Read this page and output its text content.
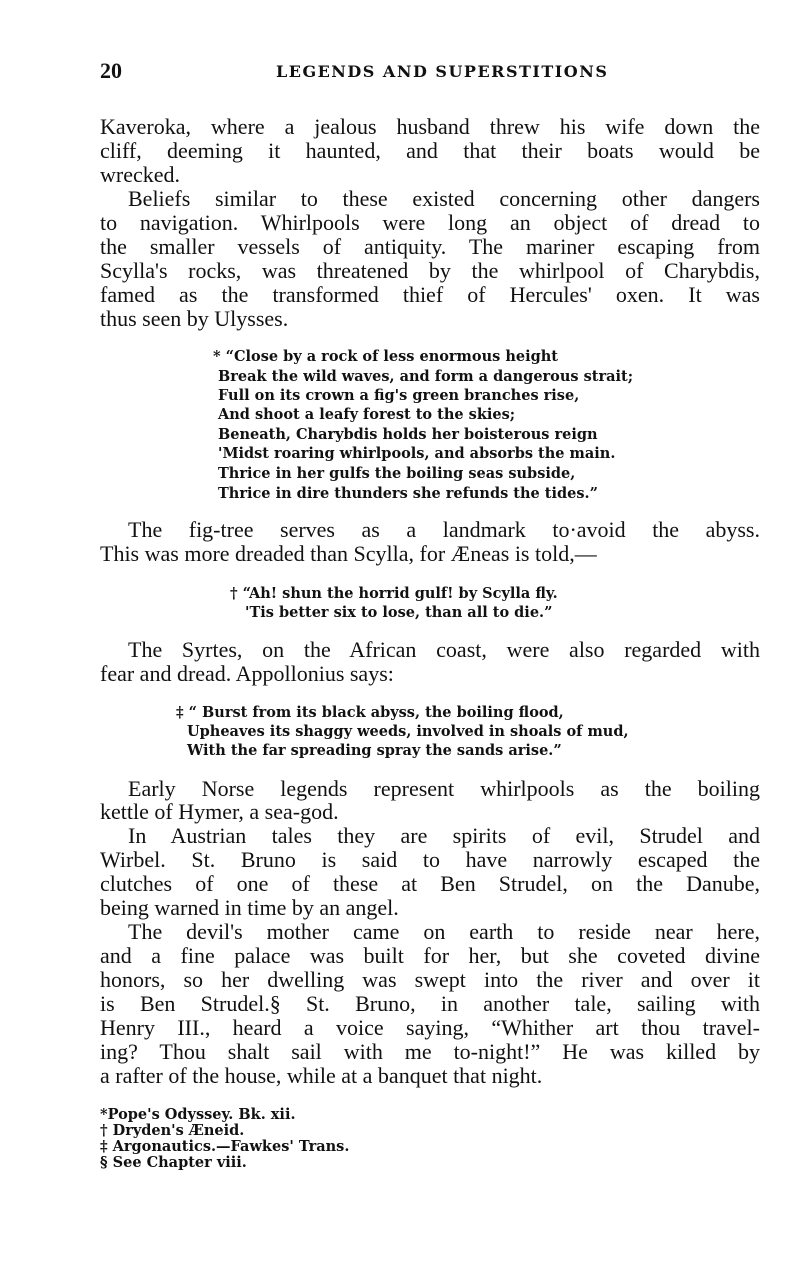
20	LEGENDS AND SUPERSTITIONS
Kaveroka, where a jealous husband threw his wife down the
cliff, deeming it haunted, and that their boats would be
wrecked.
Beliefs similar to these existed concerning other dangers
to navigation. Whirlpools were long an object of dread to
the smaller vessels of antiquity. The mariner escaping from
Scylla's rocks, was threatened by the whirlpool of Charybdis,
famed as the transformed thief of Hercules' oxen. It was
thus seen by Ulysses.
The fig-tree serves as a landmark to·avoid the abyss.
This was more dreaded than Scylla, for Æneas is told,—
The Syrtes, on the African coast, were also regarded with
fear and dread. Appollonius says:
Early Norse legends represent whirlpools as the boiling
kettle of Hymer, a sea-god.
In Austrian tales they are spirits of evil, Strudel and
Wirbel. St. Bruno is said to have narrowly escaped the
clutches of one of these at Ben Strudel, on the Danube,
being warned in time by an angel.
The devil's mother came on earth to reside near here,
and a fine palace was built for her, but she coveted divine
honors, so her dwelling was swept into the river and over it
is Ben Strudel.§ St. Bruno, in another tale, sailing with
Henry III., heard a voice saying, “Whither art thou travel-
ing? Thou shalt sail with me to-night!” He was killed by
a rafter of the house, while at a banquet that night.
* “Close by a rock of less enormous height
Break the wild waves, and form a dangerous strait;
Full on its crown a fig's green branches rise,
And shoot a leafy forest to the skies;
Beneath, Charybdis holds her boisterous reign
'Midst roaring whirlpools, and absorbs the main.
Thrice in her gulfs the boiling seas subside,
Thrice in dire thunders she refunds the tides.”
† “Ah! shun the horrid gulf! by Scylla fly.
'Tis better six to lose, than all to die.”
‡ “ Burst from its black abyss, the boiling flood,
Upheaves its shaggy weeds, involved in shoals of mud,
With the far spreading spray the sands arise.”
*Pope's Odyssey. Bk. xii.
† Dryden's Æneid.
‡ Argonautics.—Fawkes' Trans.
§ See Chapter viii.
